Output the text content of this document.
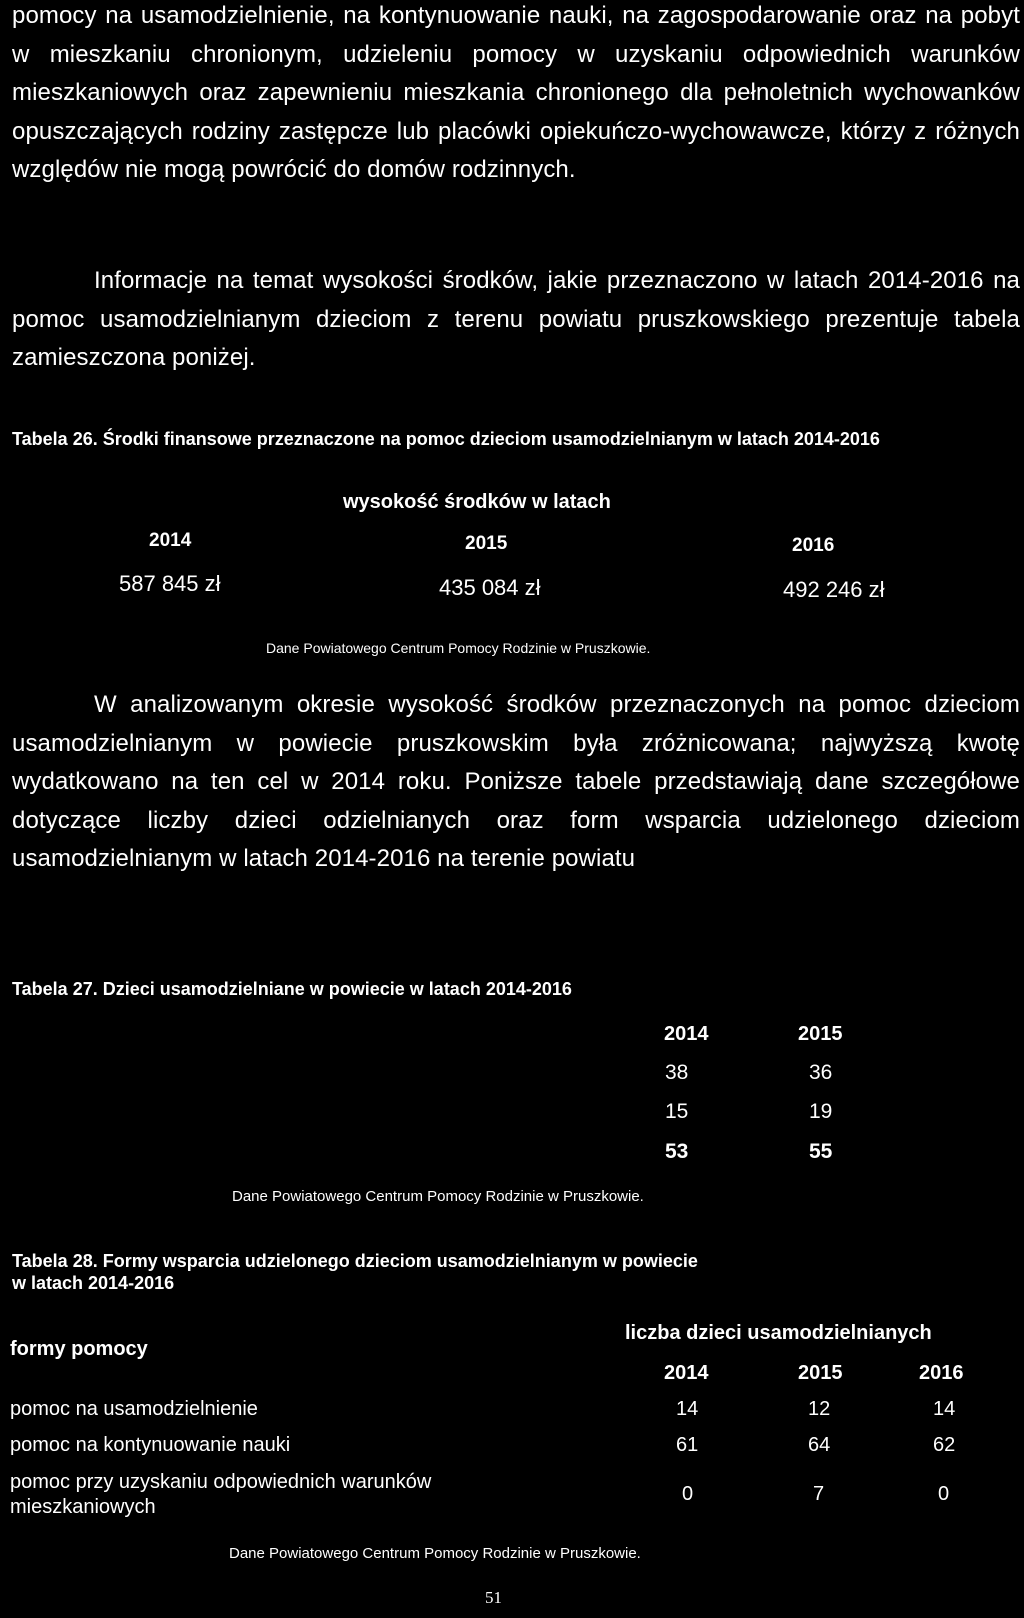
pomocy na usamodzielnienie, na kontynuowanie nauki, na zagospodarowanie oraz na pobyt w mieszkaniu chronionym, udzieleniu pomocy w uzyskaniu odpowiednich warunków mieszkaniowych oraz zapewnieniu mieszkania chronionego dla pełnoletnich wychowanków opuszczających rodziny zastępcze lub placówki opiekuńczo-wychowawcze, którzy z różnych względów nie mogą powrócić do domów rodzinnych.
Informacje na temat wysokości środków, jakie przeznaczono w latach 2014-2016 na pomoc usamodzielnianym dzieciom z terenu powiatu pruszkowskiego prezentuje tabela zamieszczona poniżej.
Tabela 26. Środki finansowe przeznaczone na pomoc dzieciom usamodzielnianym w latach 2014-2016
wysokość środków w latach
2014	2015	2016
587 845 zł	435 084 zł	492 246 zł
Dane Powiatowego Centrum Pomocy Rodzinie w Pruszkowie.
W analizowanym okresie wysokość środków przeznaczonych na pomoc dzieciom usamodzielnianym w powiecie pruszkowskim była zróżnicowana; najwyższą kwotę wydatkowano na ten cel w 2014 roku. Poniższe tabele przedstawiają dane szczegółowe dotyczące liczby dzieci odzielnianych oraz form wsparcia udzielonego dzieciom usamodzielnianym w latach 2014-2016 na terenie powiatu
Tabela 27. Dzieci usamodzielniane w powiecie w latach 2014-2016
2014	2015
38	36
15	19
53	55
Dane Powiatowego Centrum Pomocy Rodzinie w Pruszkowie.
Tabela 28. Formy wsparcia udzielonego dzieciom usamodzielnianym w powiecie
w latach 2014-2016
liczba dzieci usamodzielnianych
formy pomocy
2014	2015	2016
pomoc na usamodzielnienie	14	12	14
pomoc na kontynuowanie nauki	61	64	62
pomoc przy uzyskaniu odpowiednich warunków
mieszkaniowych
0	7	0
Dane Powiatowego Centrum Pomocy Rodzinie w Pruszkowie.
51
